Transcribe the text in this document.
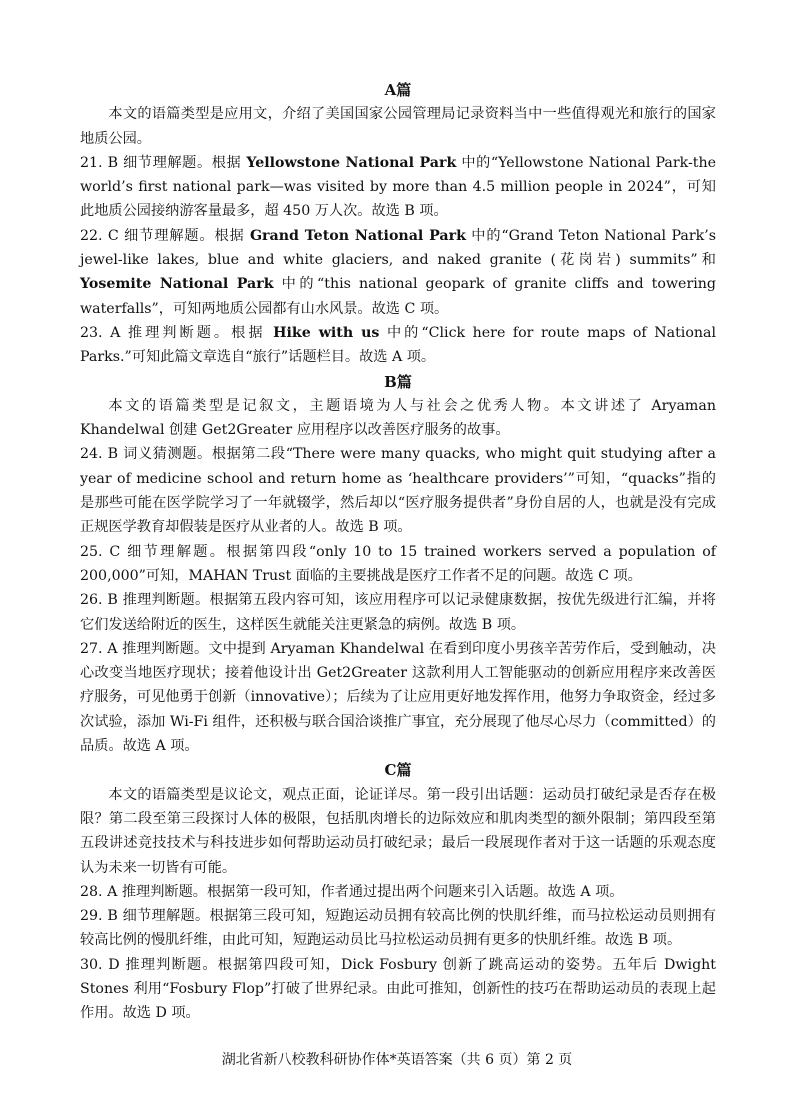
A篇

本文的语篇类型是应用文，介绍了美国国家公园管理局记录资料当中一些值得观光和旅行的国家地质公园。

21. B 细节理解题。根据 Yellowstone National Park 中的“Yellowstone National Park-the world’s first national park—was visited by more than 4.5 million people in 2024”，可知此地质公园接纳游客量最多，超 450 万人次。故选 B 项。

22. C 细节理解题。根据 Grand Teton National Park 中的“Grand Teton National Park’s jewel-like lakes, blue and white glaciers, and naked granite (花岗岩) summits”和 Yosemite National Park 中的“this national geopark of granite cliffs and towering waterfalls”，可知两地质公园都有山水风景。故选 C 项。

23. A 推理判断题。根据 Hike with us 中的“Click here for route maps of National Parks.”可知此篇文章选自“旅行”话题栏目。故选 A 项。

B篇

本文的语篇类型是记叙文，主题语境为人与社会之优秀人物。本文讲述了 Aryaman Khandelwal 创建 Get2Greater 应用程序以改善医疗服务的故事。

24. B 词义猜测题。根据第二段“There were many quacks, who might quit studying after a year of medicine school and return home as ‘healthcare providers’”可知，“quacks”指的是那些可能在医学院学习了一年就辍学，然后却以“医疗服务提供者”身份自居的人，也就是没有完成正规医学教育却假装是医疗从业者的人。故选 B 项。

25. C 细节理解题。根据第四段“only 10 to 15 trained workers served a population of 200,000”可知，MAHAN Trust 面临的主要挑战是医疗工作者不足的问题。故选 C 项。

26. B 推理判断题。根据第五段内容可知，该应用程序可以记录健康数据，按优先级进行汇编，并将它们发送给附近的医生，这样医生就能关注更紧急的病例。故选 B 项。

27. A 推理判断题。文中提到 Aryaman Khandelwal 在看到印度小男孩辛苦劳作后，受到触动，决心改变当地医疗现状；接着他设计出 Get2Greater 这款利用人工智能驱动的创新应用程序来改善医疗服务，可见他勇于创新（innovative）；后续为了让应用更好地发挥作用，他努力争取资金，经过多次试验，添加 Wi-Fi 组件，还积极与联合国洽谈推广事宜，充分展现了他尽心尽力（committed）的品质。故选 A 项。

C篇

本文的语篇类型是议论文，观点正面，论证详尽。第一段引出话题：运动员打破纪录是否存在极限？第二段至第三段探讨人体的极限，包括肌肉增长的边际效应和肌肉类型的额外限制；第四段至第五段讲述竞技技术与科技进步如何帮助运动员打破纪录；最后一段展现作者对于这一话题的乐观态度认为未来一切皆有可能。

28. A 推理判断题。根据第一段可知，作者通过提出两个问题来引入话题。故选 A 项。

29. B 细节理解题。根据第三段可知，短跑运动员拥有较高比例的快肌纤维，而马拉松运动员则拥有较高比例的慢肌纤维，由此可知，短跑运动员比马拉松运动员拥有更多的快肌纤维。故选 B 项。

30. D 推理判断题。根据第四段可知，Dick Fosbury 创新了跳高运动的姿势。五年后 Dwight Stones 利用“Fosbury Flop”打破了世界纪录。由此可推知，创新性的技巧在帮助运动员的表现上起作用。故选 D 项。

湖北省新八校教科研协作体*英语答案（共 6 页）第 2 页
